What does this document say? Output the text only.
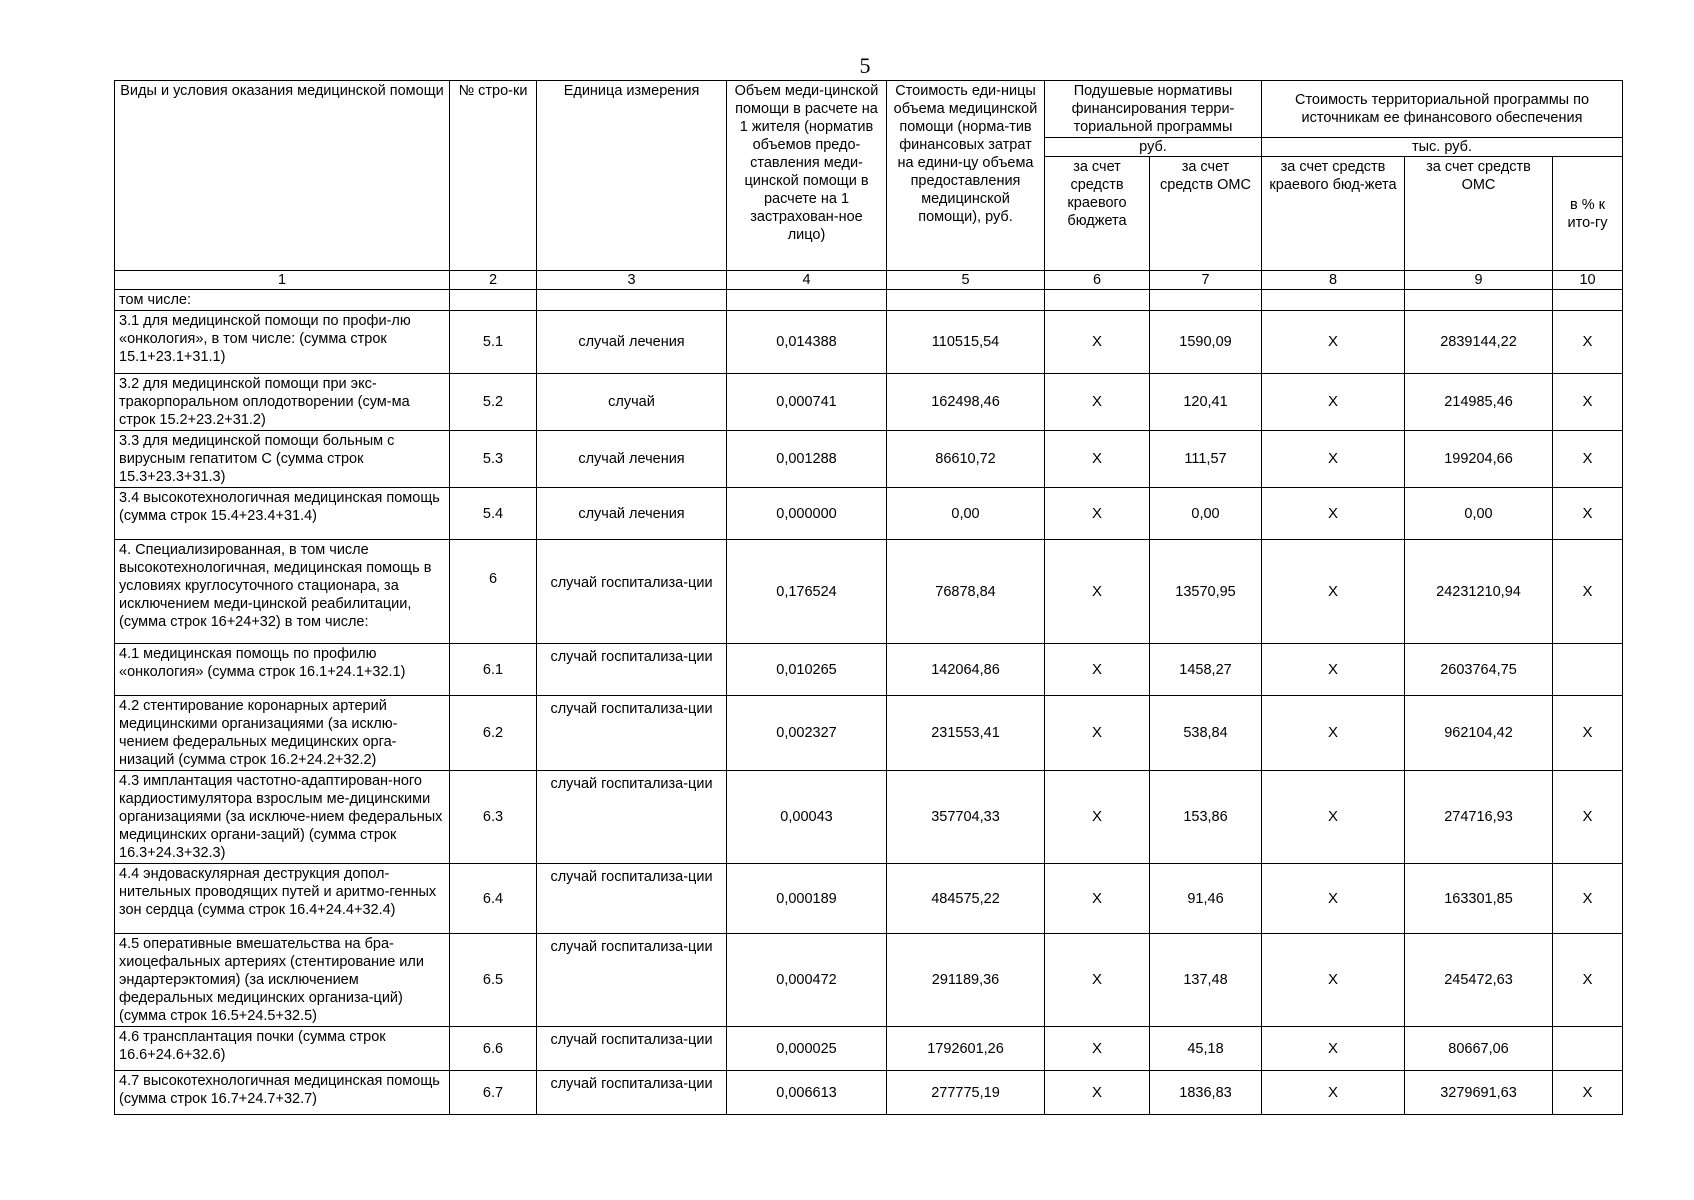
5
Виды и условия оказания медицинской помощи	№ стро-ки	Единица измерения	Объем меди-цинской помощи в расчете на 1 жителя (норматив объемов предо-ставления меди-цинской помощи в расчете на 1 застрахован-ное лицо)	Стоимость еди-ницы объема медицинской помощи (норма-тив финансовых затрат на едини-цу объема предоставления медицинской помощи), руб.	Подушевые нормативы финансирования терри-ториальной программы		Стоимость территориальной программы по источникам ее финансового обеспечения		
					руб.		тыс. руб.		
					за счет средств краевого бюджета	за счет средств ОМС	за счет средств краевого бюд-жета	за счет средств ОМС	в % к ито-гу
1	2	3	4	5	6	7	8	9	10
том числе:									
3.1 для медицинской помощи по профи-лю «онкология», в том числе: (сумма строк 15.1+23.1+31.1)	5.1	случай лечения	0,014388	110515,54	X	1590,09	X	2839144,22	X
3.2 для медицинской помощи при экс-тракорпоральном оплодотворении (сум-ма строк 15.2+23.2+31.2)	5.2	случай	0,000741	162498,46	X	120,41	X	214985,46	X
3.3 для медицинской помощи больным с вирусным гепатитом С (сумма строк 15.3+23.3+31.3)	5.3	случай лечения	0,001288	86610,72	X	111,57	X	199204,66	X
3.4 высокотехнологичная медицинская помощь (сумма строк 15.4+23.4+31.4)	5.4	случай лечения	0,000000	0,00	X	0,00	X	0,00	X
4. Специализированная, в том числе высокотехнологичная, медицинская помощь в условиях круглосуточного стационара, за исключением меди-цинской реабилитации, (сумма строк 16+24+32) в том числе:	6	случай госпитализа-ции	0,176524	76878,84	X	13570,95	X	24231210,94	X
4.1 медицинская помощь по профилю «онкология» (сумма строк 16.1+24.1+32.1)	6.1	случай госпитализа-ции	0,010265	142064,86	X	1458,27	X	2603764,75	
4.2 стентирование коронарных артерий медицинскими организациями (за исклю-чением федеральных медицинских орга-низаций (сумма строк 16.2+24.2+32.2)	6.2	случай госпитализа-ции	0,002327	231553,41	X	538,84	X	962104,42	X
4.3 имплантация частотно-адаптирован-ного кардиостимулятора взрослым ме-дицинскими организациями (за исключе-нием федеральных медицинских органи-заций) (сумма строк 16.3+24.3+32.3)	6.3	случай госпитализа-ции	0,00043	357704,33	X	153,86	X	274716,93	X
4.4 эндоваскулярная деструкция допол-нительных проводящих путей и аритмо-генных зон сердца (сумма строк 16.4+24.4+32.4)	6.4	случай госпитализа-ции	0,000189	484575,22	X	91,46	X	163301,85	X
4.5 оперативные вмешательства на бра-хиоцефальных артериях (стентирование или эндартерэктомия) (за исключением федеральных медицинских организа-ций) (сумма строк 16.5+24.5+32.5)	6.5	случай госпитализа-ции	0,000472	291189,36	X	137,48	X	245472,63	X
4.6 трансплантация почки (сумма строк 16.6+24.6+32.6)	6.6	случай госпитализа-ции	0,000025	1792601,26	X	45,18	X	80667,06	
4.7 высокотехнологичная медицинская помощь (сумма строк 16.7+24.7+32.7)	6.7	случай госпитализа-ции	0,006613	277775,19	X	1836,83	X	3279691,63	X
